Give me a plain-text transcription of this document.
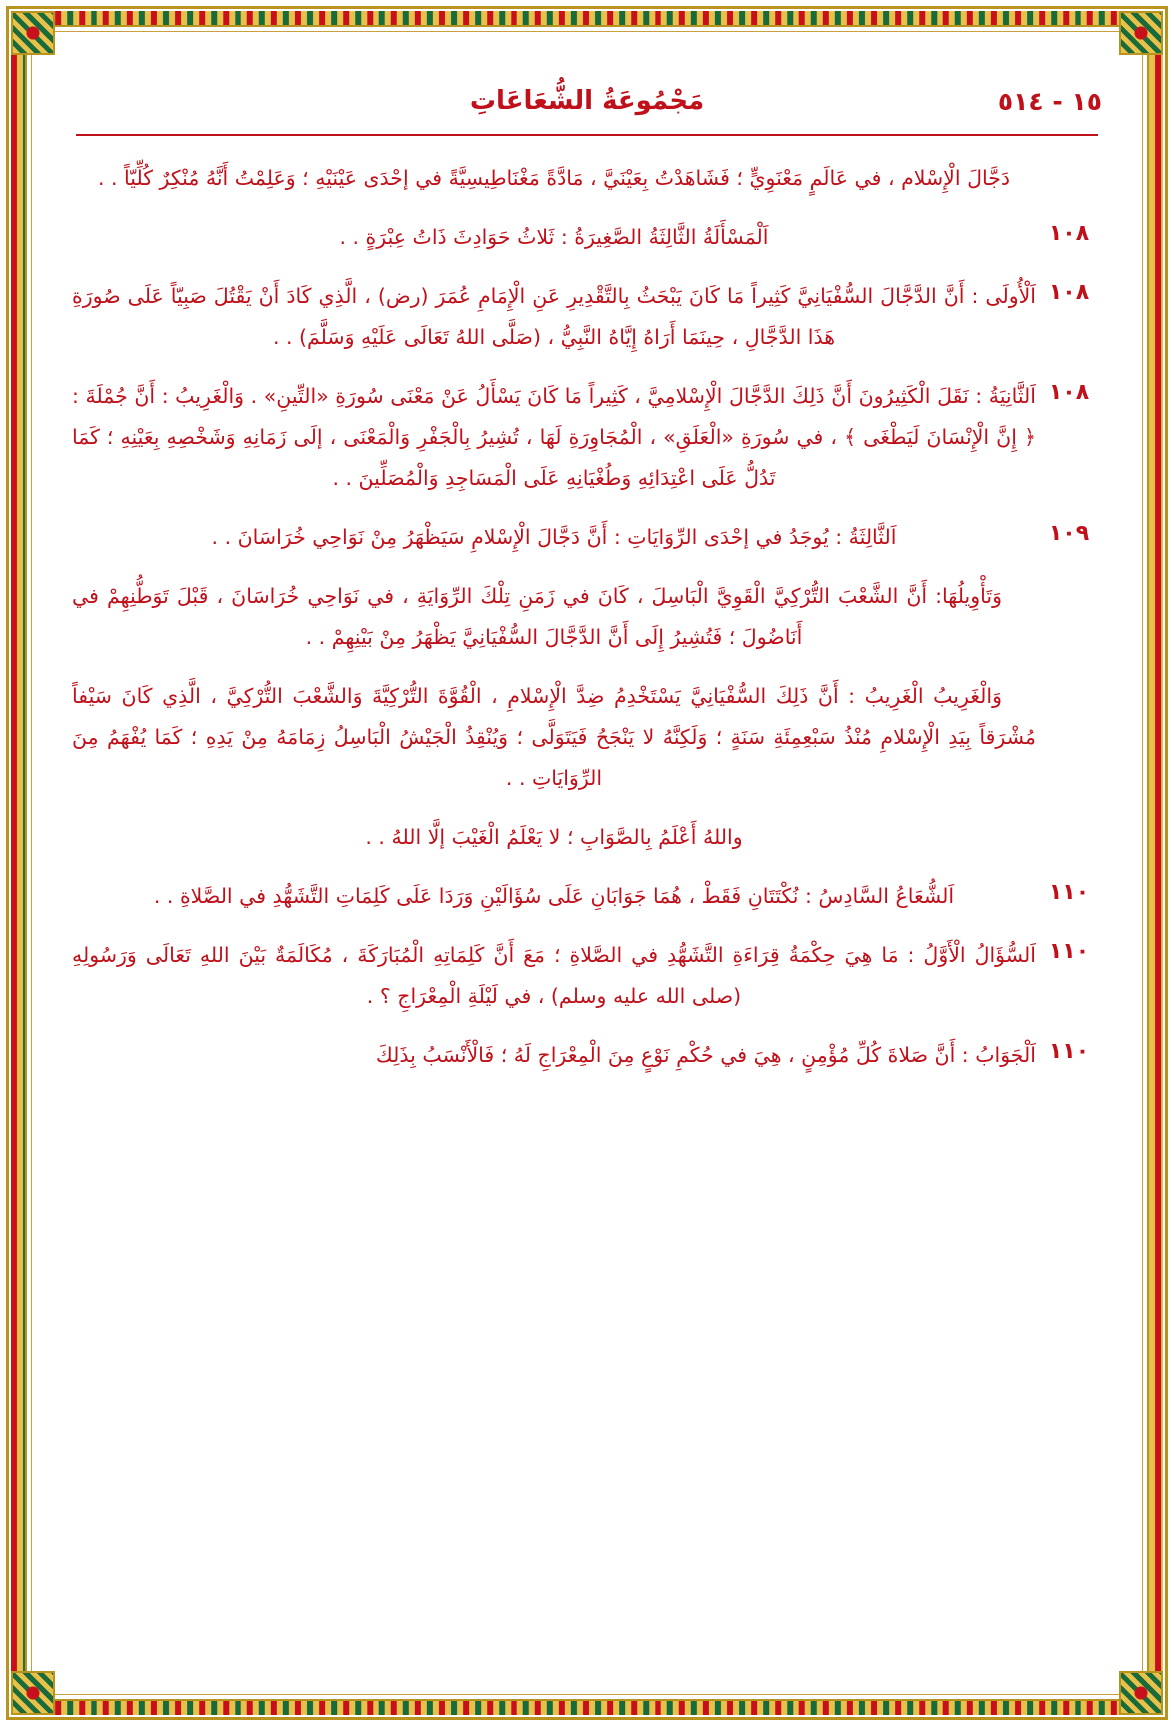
١٥ - ٥١٤
مَجْمُوعَةُ الشُّعَاعَاتِ
دَجَّالَ الْإِسْلام ، في عَالَمٍ مَعْنَوِيٍّ ؛ فَشَاهَدْتُ بِعَيْنَيَّ ، مَادَّةً مَغْنَاطِيسِيَّةً في إحْدَى عَيْنَيْهِ ؛ وَعَلِمْتُ أَنَّهُ مُنْكِرٌ كُلِّيّاً . .
١٠٨
اَلْمَسْأَلَةُ الثَّالِثَةُ الصَّغِيرَةُ : ثَلاثُ حَوَادِثَ ذَاتُ عِبْرَةٍ . .
١٠٨
اَلْأُولَى : أَنَّ الدَّجَّالَ السُّفْيَانِيَّ كَثِيراً مَا كَانَ يَبْحَثُ بِالتَّقْدِيرِ عَنِ الْإِمَامِ عُمَرَ (رض) ، الَّذِي كَادَ أَنْ يَقْتُلَ صَبِيّاً عَلَى صُورَةِ هَذَا الدَّجَّالِ ، حِينَمَا أَرَاهُ إِيَّاهُ النَّبِيُّ ، (صَلَّى اللهُ تَعَالَى عَلَيْهِ وَسَلَّمَ) . .
١٠٨
اَلثَّانِيَةُ : نَقَلَ الْكَثِيرُونَ أَنَّ ذَلِكَ الدَّجَّالَ الْإِسْلامِيَّ ، كَثِيراً مَا كَانَ يَسْأَلُ عَنْ مَعْنَى سُورَةِ «التِّينِ» . وَالْغَرِيبُ : أَنَّ جُمْلَةَ : ﴿ إِنَّ الْإِنْسَانَ لَيَطْغَى ﴾ ، في سُورَةِ «الْعَلَقِ» ، الْمُجَاوِرَةِ لَهَا ، تُشِيرُ بِالْجَفْرِ وَالْمَعْنَى ، إلَى زَمَانِهِ وَشَخْصِهِ بِعَيْنِهِ ؛ كَمَا تَدُلُّ عَلَى اعْتِدَائِهِ وَطُغْيَانِهِ عَلَى الْمَسَاجِدِ وَالْمُصَلِّينَ . .
١٠٩
اَلثَّالِثَةُ : يُوجَدُ في إحْدَى الرِّوَايَاتِ : أَنَّ دَجَّالَ الْإِسْلامِ سَيَظْهَرُ مِنْ نَوَاحِي خُرَاسَانَ . .
وَتَأْوِيلُهَا: أَنَّ الشَّعْبَ التُّرْكِيَّ الْقَوِيَّ الْبَاسِلَ ، كَانَ في زَمَنِ تِلْكَ الرِّوَايَةِ ، في نَوَاحِي خُرَاسَانَ ، قَبْلَ تَوَطُّنِهِمْ في أَنَاضُولَ ؛ فَتُشِيرُ إِلَى أَنَّ الدَّجَّالَ السُّفْيَانِيَّ يَظْهَرُ مِنْ بَيْنِهِمْ . .
وَالْغَرِيبُ الْغَرِيبُ : أَنَّ ذَلِكَ السُّفْيَانِيَّ يَسْتَخْدِمُ ضِدَّ الْإِسْلامِ ، الْقُوَّةَ التُّرْكِيَّةَ وَالشَّعْبَ التُّرْكِيَّ ، الَّذِي كَانَ سَيْفاً مُشْرَقاً بِيَدِ الْإِسْلامِ مُنْذُ سَبْعِمِئَةِ سَنَةٍ ؛ وَلَكِنَّهُ لا يَنْجَحُ فَيَتَوَلَّى ؛ وَيُنْقِذُ الْجَيْشُ الْبَاسِلُ زِمَامَهُ مِنْ يَدِهِ ؛ كَمَا يُفْهَمُ مِنَ الرِّوَايَاتِ . .
واللهُ أَعْلَمُ بِالصَّوَابِ ؛ لا يَعْلَمُ الْغَيْبَ إلَّا اللهُ . .
١١٠
اَلشُّعَاعُ السَّادِسُ : نُكْتَتَانِ فَقَطْ ، هُمَا جَوَابَانِ عَلَى سُؤَالَيْنِ وَرَدَا عَلَى كَلِمَاتِ التَّشَهُّدِ في الصَّلاةِ . .
١١٠
اَلسُّؤَالُ الْأَوَّلُ : مَا هِيَ حِكْمَةُ قِرَاءَةِ التَّشَهُّدِ في الصَّلاةِ ؛ مَعَ أَنَّ كَلِمَاتِهِ الْمُبَارَكَةَ ، مُكَالَمَةٌ بَيْنَ اللهِ تَعَالَى وَرَسُولِهِ (صلى الله عليه وسلم) ، في لَيْلَةِ الْمِعْرَاجِ ؟ .
١١٠
اَلْجَوَابُ : أَنَّ صَلاةَ كُلِّ مُؤْمِنٍ ، هِيَ في حُكْمِ نَوْعٍ مِنَ الْمِعْرَاجِ لَهُ ؛ فَالْأَنْسَبُ بِذَلِكَ
